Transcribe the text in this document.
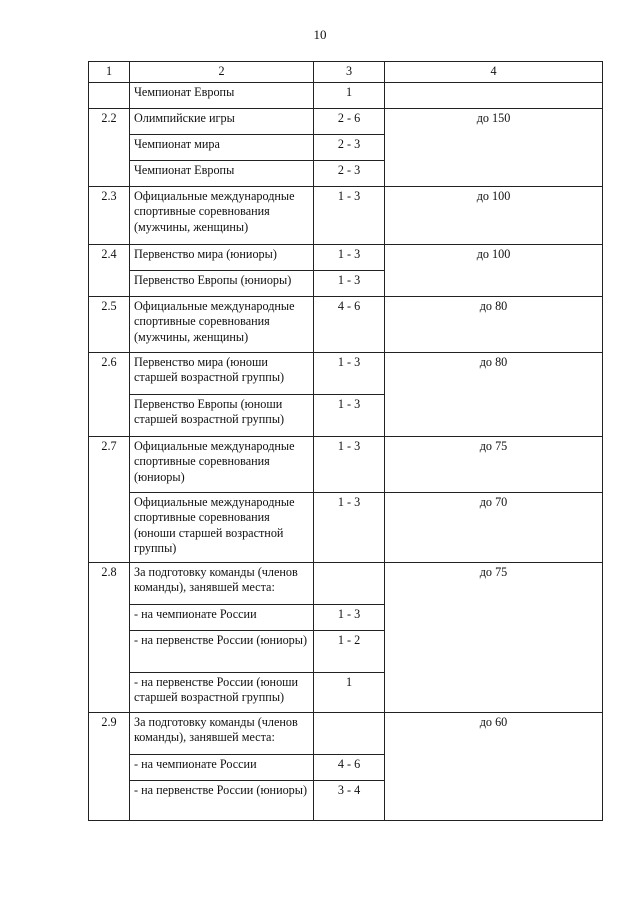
10
1	2	3	4
	Чемпионат Европы	1	
2.2	Олимпийские игры	2 - 6	до 150
	Чемпионат мира	2 - 3	
	Чемпионат Европы	2 - 3	
2.3	Официальные международные спортивные соревнования (мужчины, женщины)	1 - 3	до 100
2.4	Первенство мира (юниоры)	1 - 3	до 100
	Первенство Европы (юниоры)	1 - 3	
2.5	Официальные международные спортивные соревнования (мужчины, женщины)	4 - 6	до 80
2.6	Первенство мира (юноши старшей возрастной группы)	1 - 3	до 80
	Первенство Европы (юноши старшей возрастной группы)	1 - 3	
2.7	Официальные международные спортивные соревнования (юниоры)	1 - 3	до 75
	Официальные международные спортивные соревнования (юноши старшей возрастной группы)	1 - 3	до 70
2.8	За подготовку команды (членов команды), занявшей места:		до 75
	- на чемпионате России	1 - 3	
	- на первенстве России (юниоры)	1 - 2	
	- на первенстве России (юноши старшей возрастной группы)	1	
2.9	За подготовку команды (членов команды), занявшей места:		до 60
	- на чемпионате России	4 - 6	
	- на первенстве России (юниоры)	3 - 4	
